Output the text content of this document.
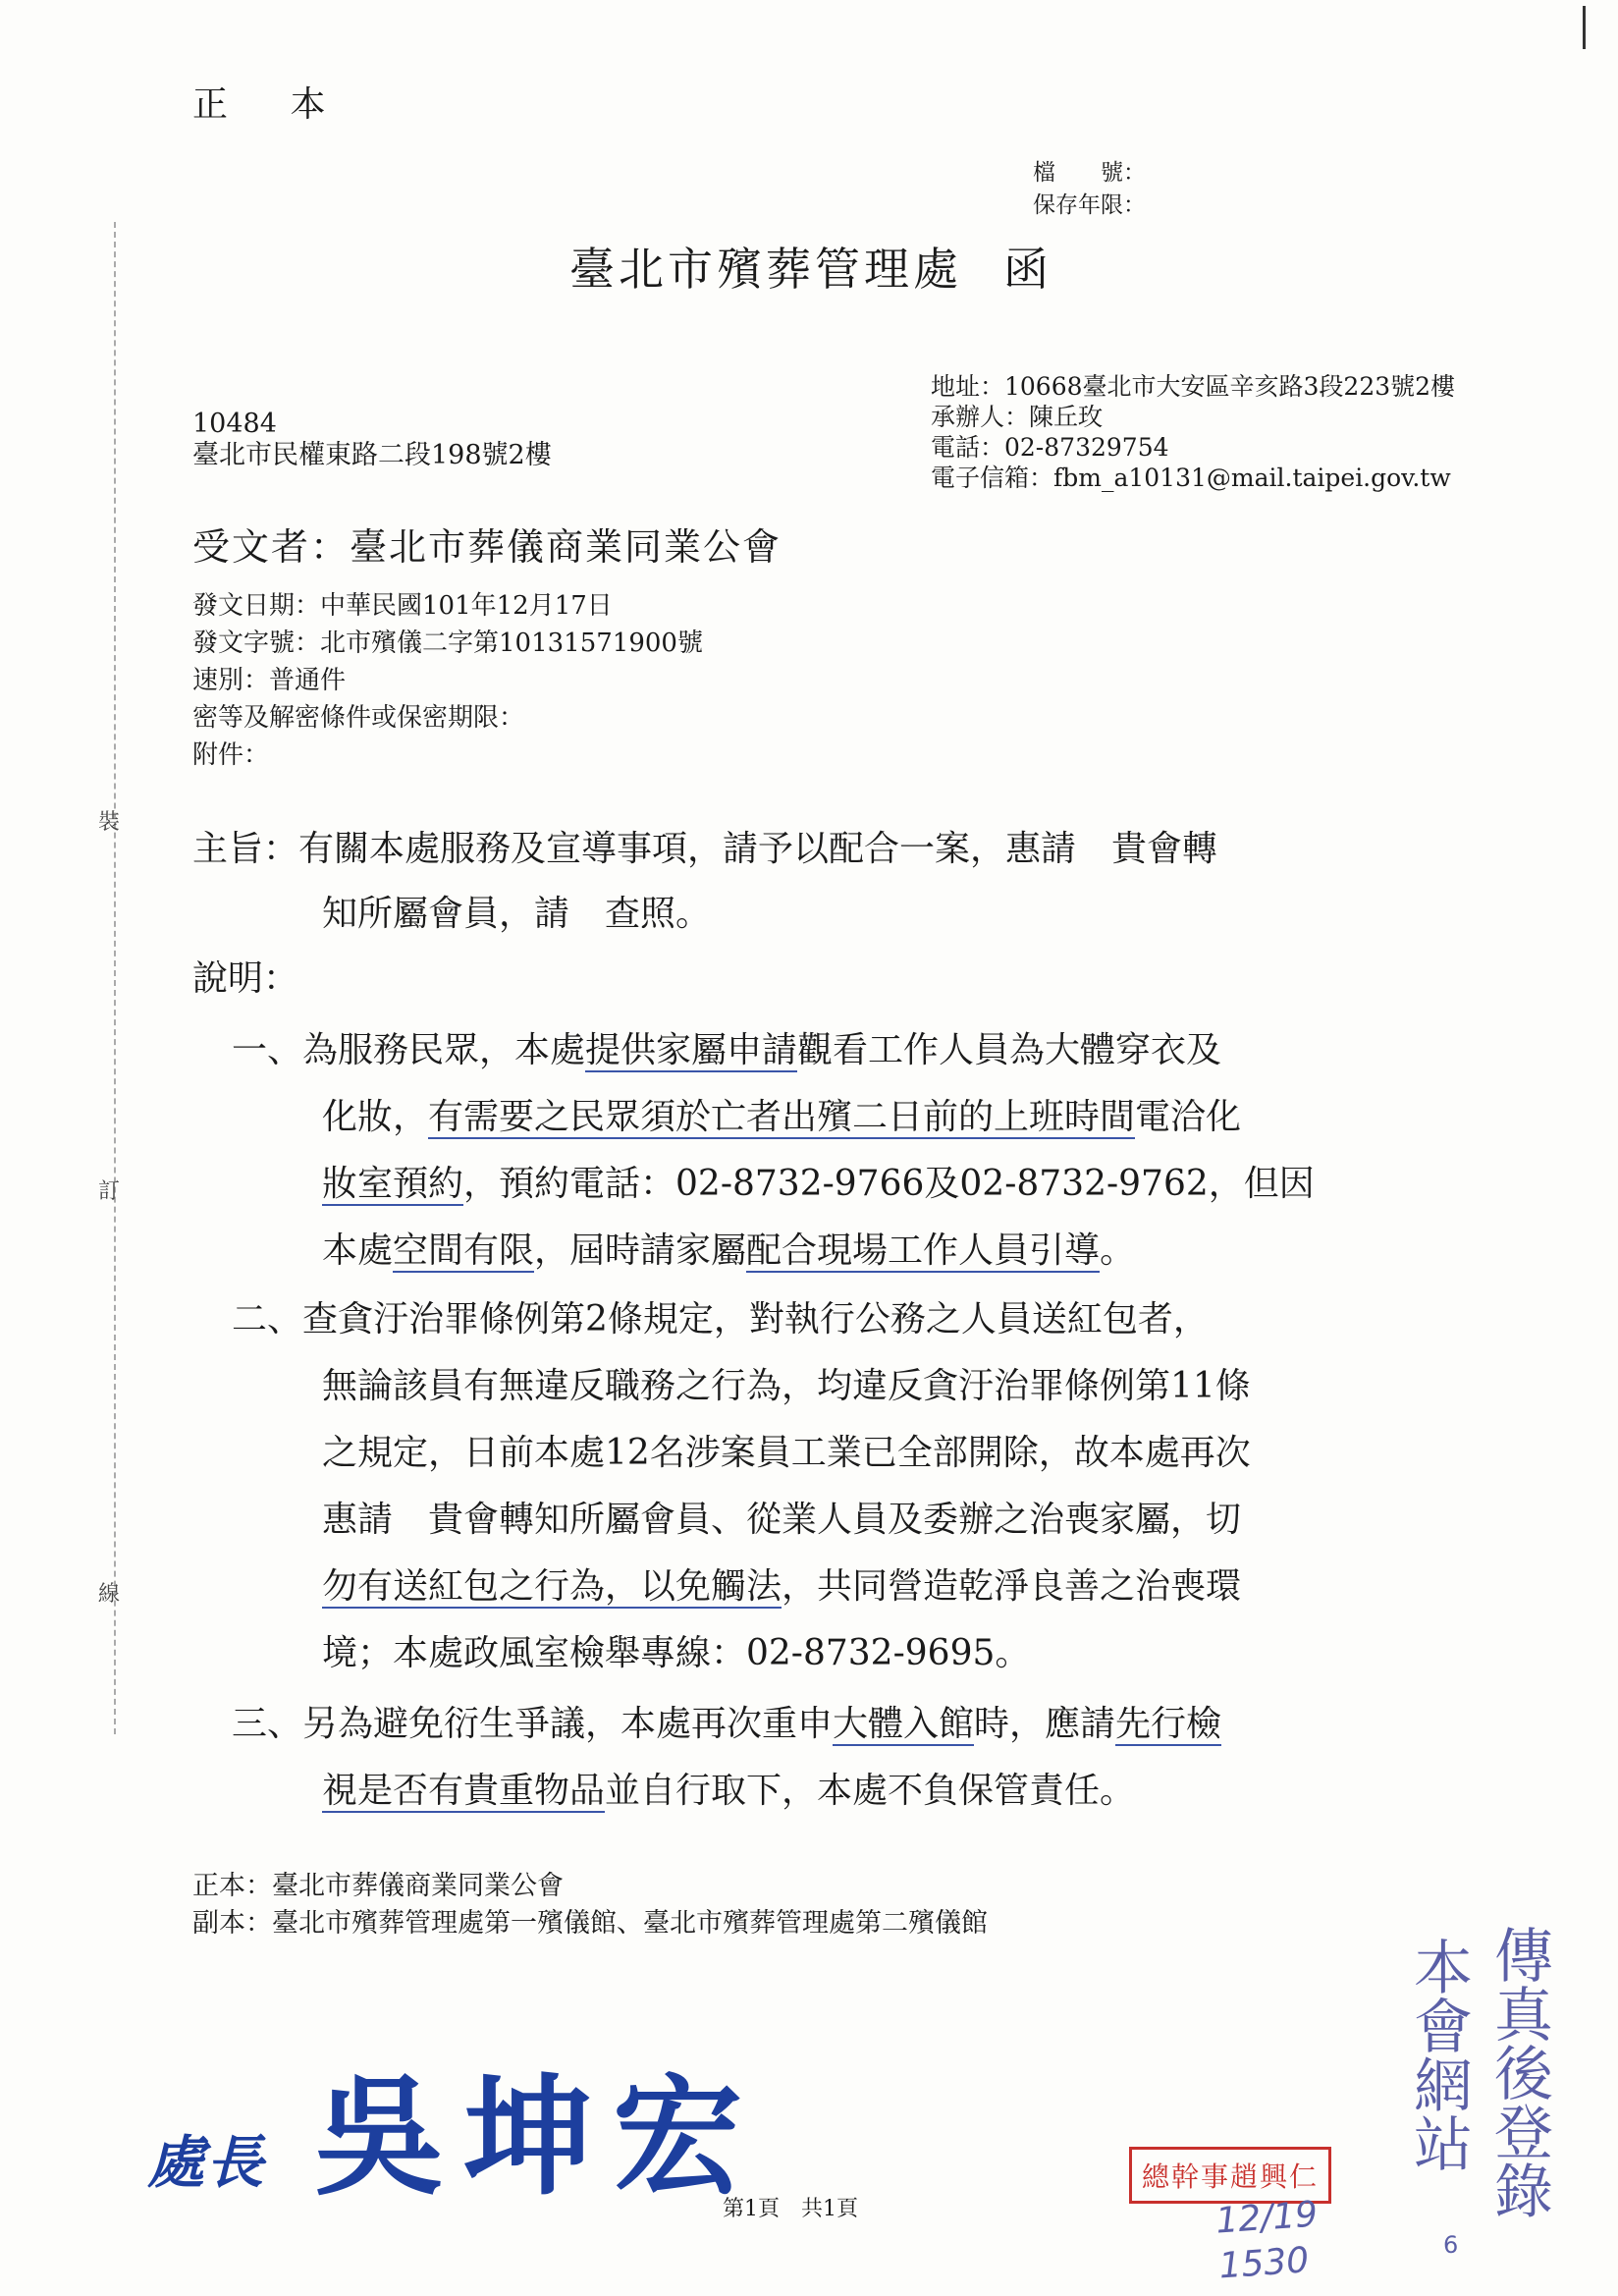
正 本
檔　　號：
保存年限：
臺北市殯葬管理處 函
地址：10668臺北市大安區辛亥路3段223號2樓
承辦人：陳丘玫
電話：02-87329754
電子信箱：fbm_a10131@mail.taipei.gov.tw
10484
臺北市民權東路二段198號2樓
受文者：臺北市葬儀商業同業公會
發文日期：中華民國101年12月17日
發文字號：北市殯儀二字第10131571900號
速別：普通件
密等及解密條件或保密期限：
附件：
裝
訂
線
主旨：有關本處服務及宣導事項，請予以配合一案，惠請　貴會轉
知所屬會員，請　查照。
說明：
一、為服務民眾，本處提供家屬申請觀看工作人員為大體穿衣及
化妝，有需要之民眾須於亡者出殯二日前的上班時間電洽化
妝室預約，預約電話：02-8732-9766及02-8732-9762，但因
本處空間有限，屆時請家屬配合現場工作人員引導。
二、查貪汙治罪條例第2條規定，對執行公務之人員送紅包者，
無論該員有無違反職務之行為，均違反貪汙治罪條例第11條
之規定，日前本處12名涉案員工業已全部開除，故本處再次
惠請　貴會轉知所屬會員、從業人員及委辦之治喪家屬，切
勿有送紅包之行為，以免觸法，共同營造乾淨良善之治喪環
境；本處政風室檢舉專線：02-8732-9695。
三、另為避免衍生爭議，本處再次重申大體入館時，應請先行檢
視是否有貴重物品並自行取下，本處不負保管責任。
正本：臺北市葬儀商業同業公會
副本：臺北市殯葬管理處第一殯儀館、臺北市殯葬管理處第二殯儀館
處長 吳坤宏
第1頁　共1頁
總幹事趙興仁
12/19
1530
傳真後登錄
本會網站
6
